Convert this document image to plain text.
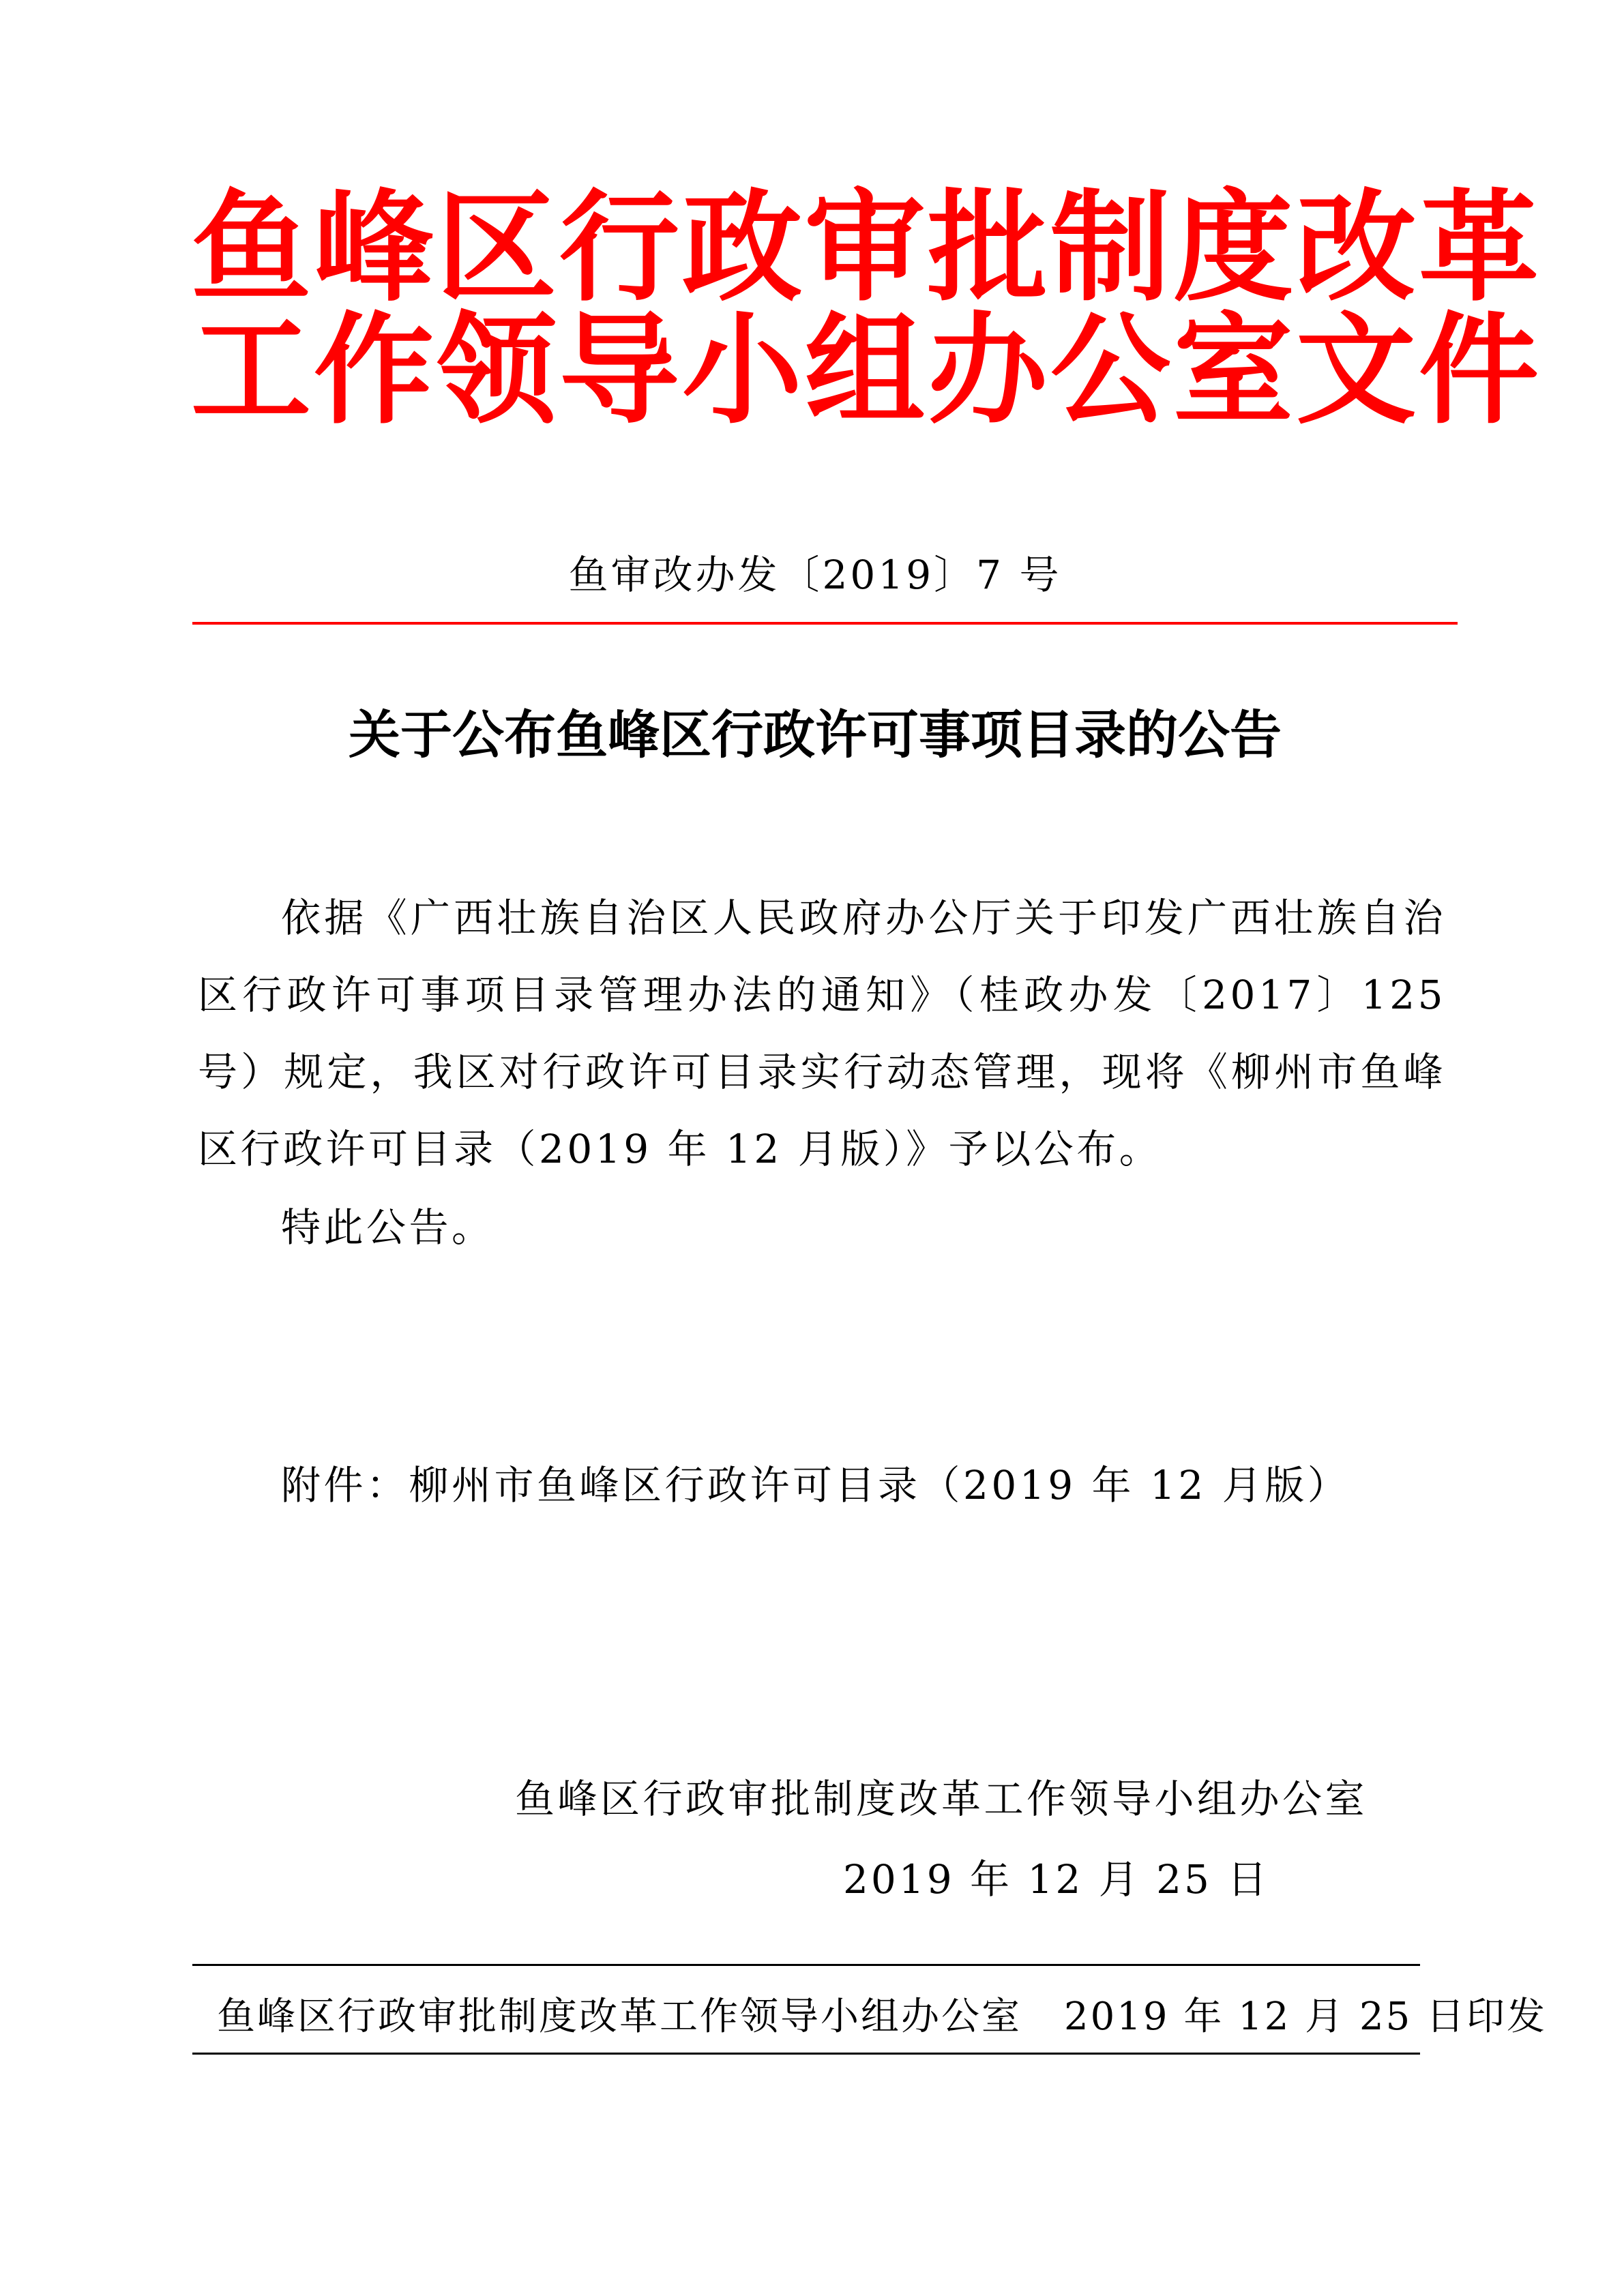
鱼峰区行政审批制度改革
工作领导小组办公室文件
鱼审改办发〔2019〕7 号
关于公布鱼峰区行政许可事项目录的公告

依据《广西壮族自治区人民政府办公厅关于印发广西壮族自治区行政许可事项目录管理办法的通知》（桂政办发〔2017〕125 号）规定，我区对行政许可目录实行动态管理，现将《柳州市鱼峰区行政许可目录（2019 年 12 月版）》予以公布。

特此公告。

附件：柳州市鱼峰区行政许可目录（2019 年 12 月版）

鱼峰区行政审批制度改革工作领导小组办公室
2019 年 12 月 25 日
鱼峰区行政审批制度改革工作领导小组办公室 2019 年 12 月 25 日印发
